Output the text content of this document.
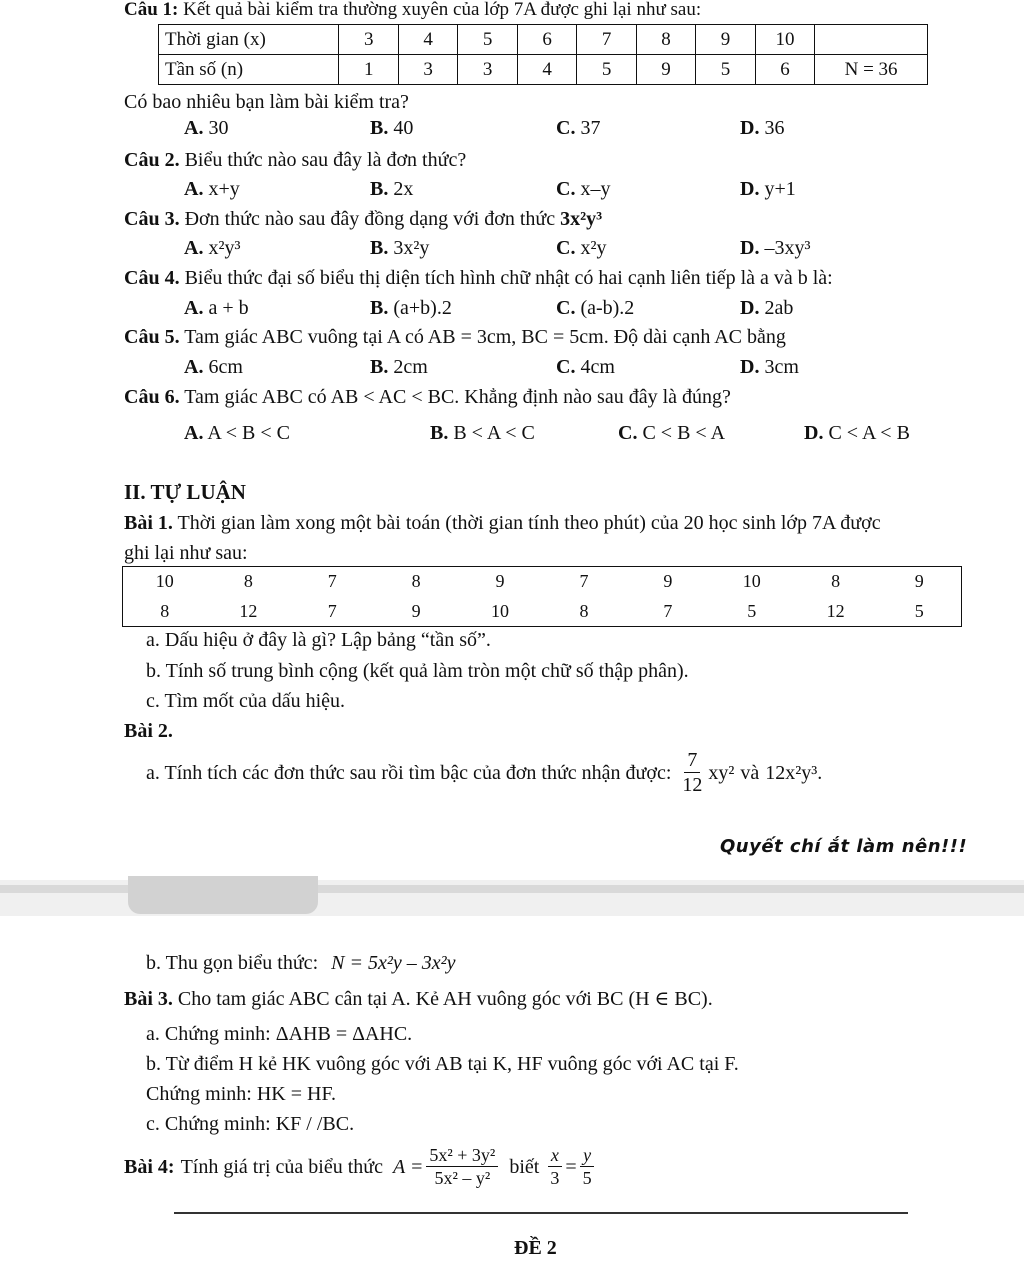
Câu 1: Kết quả bài kiểm tra thường xuyên của lớp 7A được ghi lại như sau:
Thời gian (x)	3	4	5	6	7	8	9	10	
Tần số (n)	1	3	3	4	5	9	5	6	N = 36
Có bao nhiêu bạn làm bài kiểm tra?
A. 30	B. 40	C. 37	D. 36
Câu 2. Biểu thức nào sau đây là đơn thức?
A. x+y	B. 2x	C. x–y	D. y+1
Câu 3. Đơn thức nào sau đây đồng dạng với đơn thức 3x²y³
A. x²y³	B. 3x²y	C. x²y	D. –3xy³
Câu 4. Biểu thức đại số biểu thị diện tích hình chữ nhật có hai cạnh liên tiếp là a và b là:
A. a + b	B. (a+b).2	C. (a-b).2	D. 2ab
Câu 5. Tam giác ABC vuông tại A có AB = 3cm, BC = 5cm. Độ dài cạnh AC bằng
A. 6cm	B. 2cm	C. 4cm	D. 3cm
Câu 6. Tam giác ABC có AB < AC < BC. Khẳng định nào sau đây là đúng?
A. A < B < C	B. B < A < C	C. C < B < A	D. C < A < B
II. TỰ LUẬN
Bài 1. Thời gian làm xong một bài toán (thời gian tính theo phút) của 20 học sinh lớp 7A được
ghi lại như sau:
10	8	7	8	9	7	9	10	8	9
8	12	7	9	10	8	7	5	12	5
a. Dấu hiệu ở đây là gì? Lập bảng “tần số”.
b. Tính số trung bình cộng (kết quả làm tròn một chữ số thập phân).
c. Tìm mốt của dấu hiệu.
Bài 2.
a. Tính tích các đơn thức sau rồi tìm bậc của đơn thức nhận được: $\frac{7}{12} xy^2$ và 12x²y³.
Quyết chí ắt làm nên!!!
b. Thu gọn biểu thức: N = 5x²y – 3x²y
Bài 3. Cho tam giác ABC cân tại A. Kẻ AH vuông góc với BC (H ∈ BC).
a. Chứng minh: ΔAHB = ΔAHC.
b. Từ điểm H kẻ HK vuông góc với AB tại K, HF vuông góc với AC tại F.
Chứng minh: HK = HF.
c. Chứng minh: KF / /BC.
Bài 4: Tính giá trị của biểu thức $A = \frac{\text{5x² + 3y²}}{\text{5x² – y²}}$ biết $\frac{x}{3} = \frac{y}{5}$
ĐỀ 2
